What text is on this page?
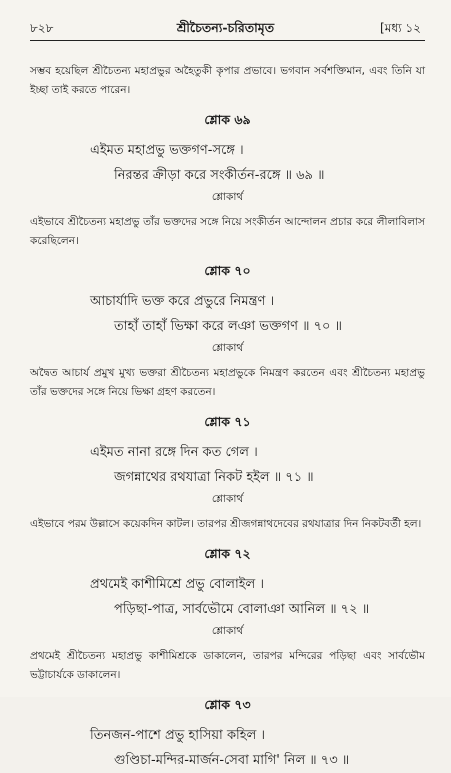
৮২৮	শ্রীচৈতন্য-চরিতামৃত	[মধ্য ১২

সম্ভব হয়েছিল শ্রীচৈতন্য মহাপ্রভুর অহৈতুকী কৃপার প্রভাবে। ভগবান সর্বশক্তিমান, এবং তিনি যা ইচ্ছা তাই করতে পারেন।

শ্লোক ৬৯

এইমত মহাপ্রভু ভক্তগণ-সঙ্গে ।

নিরন্তর ক্রীড়া করে সংকীর্তন-রঙ্গে ॥ ৬৯ ॥

শ্লোকার্থ

এইভাবে শ্রীচৈতন্য মহাপ্রভু তাঁর ভক্তদের সঙ্গে নিয়ে সংকীর্তন আন্দোলন প্রচার করে লীলাবিলাস করেছিলেন।

শ্লোক ৭০

আচার্যাদি ভক্ত করে প্রভুরে নিমন্ত্রণ ।

তাহাঁ তাহাঁ ভিক্ষা করে লঞা ভক্তগণ ॥ ৭০ ॥

শ্লোকার্থ

অদ্বৈত আচার্য প্রমুখ মুখ্য ভক্তরা শ্রীচৈতন্য মহাপ্রভুকে নিমন্ত্রণ করতেন এবং শ্রীচৈতন্য মহাপ্রভু তাঁর ভক্তদের সঙ্গে নিয়ে ভিক্ষা গ্রহণ করতেন।

শ্লোক ৭১

এইমত নানা রঙ্গে দিন কত গেল ।

জগন্নাথের রথযাত্রা নিকট হইল ॥ ৭১ ॥

শ্লোকার্থ

এইভাবে পরম উল্লাসে কয়েকদিন কাটল। তারপর শ্রীজগন্নাথদেবের রথযাত্রার দিন নিকটবর্তী হল।

শ্লোক ৭২

প্রথমেই কাশীমিশ্রে প্রভু বোলাইল ।

পড়িছা-পাত্র, সার্বভৌমে বোলাঞা আনিল ॥ ৭২ ॥

শ্লোকার্থ

প্রথমেই শ্রীচৈতন্য মহাপ্রভু কাশীমিশ্রকে ডাকালেন, তারপর মন্দিরের পড়িছা এবং সার্বভৌম ভট্টাচার্যকে ডাকালেন।

শ্লোক ৭৩

তিনজন-পাশে প্রভু হাসিয়া কহিল ।

গুণ্ডিচা-মন্দির-মার্জন-সেবা মাগি' নিল ॥ ৭৩ ॥
